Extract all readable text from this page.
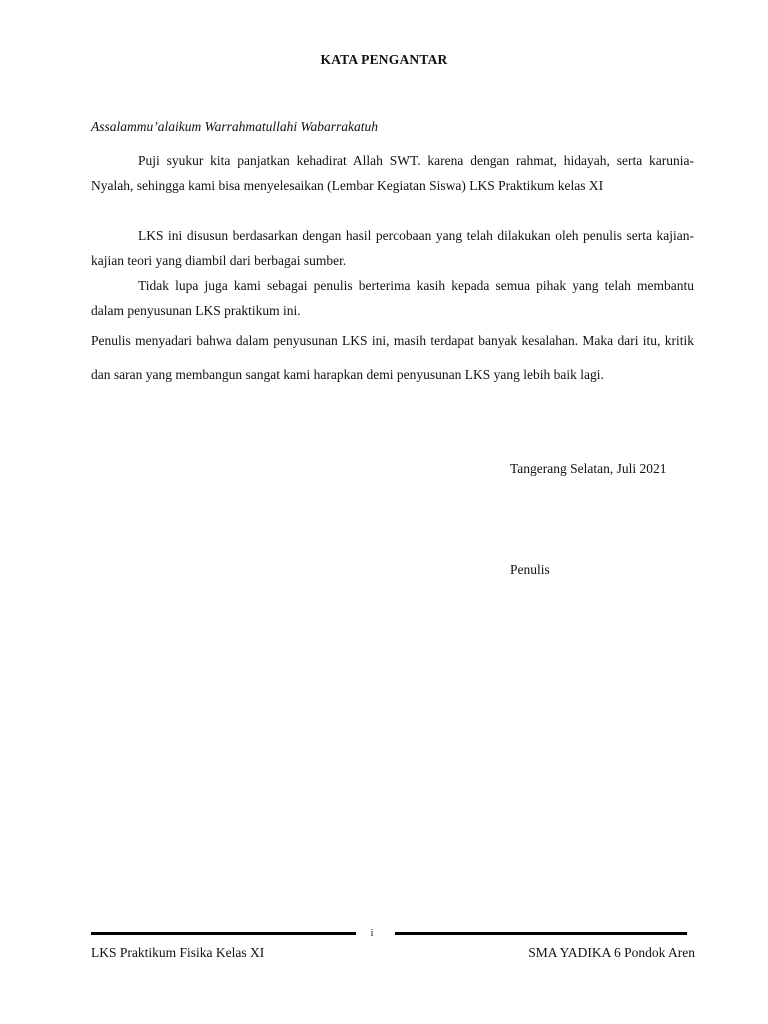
KATA PENGANTAR
Assalammu’alaikum Warrahmatullahi Wabarrakatuh
Puji syukur kita panjatkan kehadirat Allah SWT. karena dengan rahmat, hidayah, serta karunia-Nyalah, sehingga kami bisa menyelesaikan (Lembar Kegiatan Siswa) LKS Praktikum kelas XI
LKS ini disusun berdasarkan dengan hasil percobaan yang telah dilakukan oleh penulis serta kajian-kajian teori yang diambil dari berbagai sumber.
Tidak lupa juga kami sebagai penulis berterima kasih kepada semua pihak yang telah membantu dalam penyusunan LKS praktikum ini.
Penulis menyadari bahwa dalam penyusunan LKS ini, masih terdapat banyak kesalahan. Maka dari itu, kritik dan saran yang membangun sangat kami harapkan demi penyusunan LKS yang lebih baik lagi.
Tangerang Selatan, Juli 2021
Penulis
i
LKS Praktikum Fisika Kelas XI	SMA YADIKA 6 Pondok Aren
